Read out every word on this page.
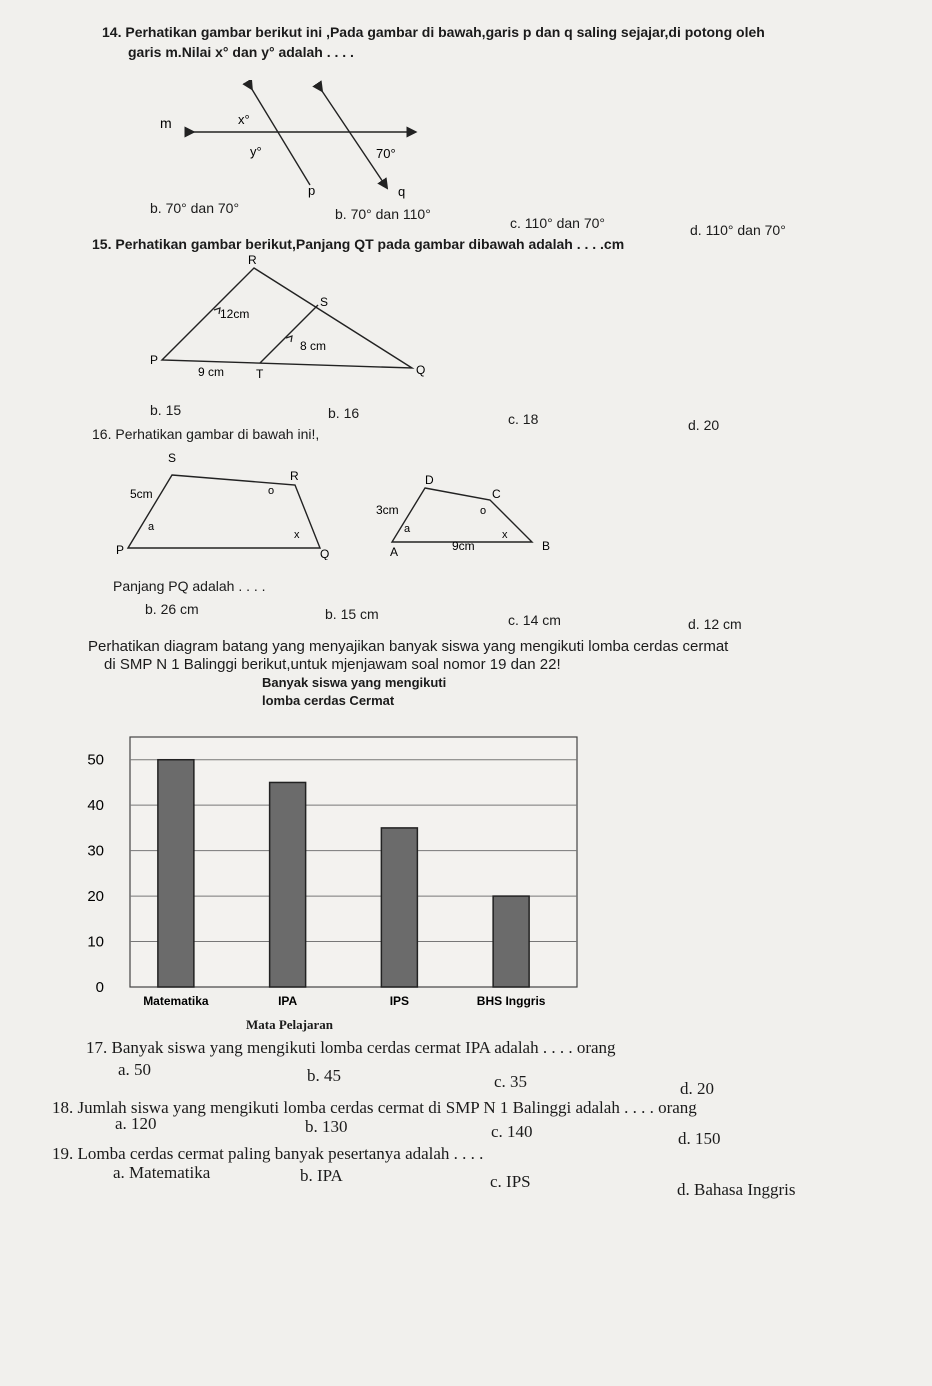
14. Perhatikan gambar berikut ini ,Pada gambar di bawah,garis p dan q saling sejajar,di potong oleh
garis m.Nilai x° dan y° adalah . . . .
m	x°
y°	70°
p	q
b. 70° dan 70°	b. 70° dan 110°
c. 110° dan 70°	d. 110° dan 70°
15. Perhatikan gambar berikut,Panjang QT pada gambar dibawah adalah . . . .cm
R
S
P
T	Q
12cm
8 cm
9 cm
b. 15	b. 16	c. 18	d. 20
16. Perhatikan gambar di bawah ini!,
S
R
P	Q
5cm
a
x
o
D
C
A	B
3cm
9cm
a	x
o
Panjang PQ adalah . . . .
b. 26 cm	b. 15 cm	c. 14 cm	d. 12 cm
Perhatikan diagram batang yang menyajikan banyak siswa yang mengikuti lomba cerdas cermat
di SMP N 1 Balinggi berikut,untuk mjenjawam soal nomor 19 dan 22!
Banyak siswa yang mengikuti
lomba cerdas Cermat
0
10
20
30
40
50
Matematika	IPA	IPS	BHS Inggris
Mata Pelajaran
17. Banyak siswa yang mengikuti lomba cerdas cermat IPA adalah . . . . orang
a. 50	b. 45	c. 35	d. 20
18. Jumlah siswa yang mengikuti lomba cerdas cermat di SMP N 1 Balinggi adalah . . . . orang
a. 120	b. 130	c. 140	d. 150
19. Lomba cerdas cermat paling banyak pesertanya adalah . . . .
a. Matematika	b. IPA	c. IPS	d. Bahasa Inggris
